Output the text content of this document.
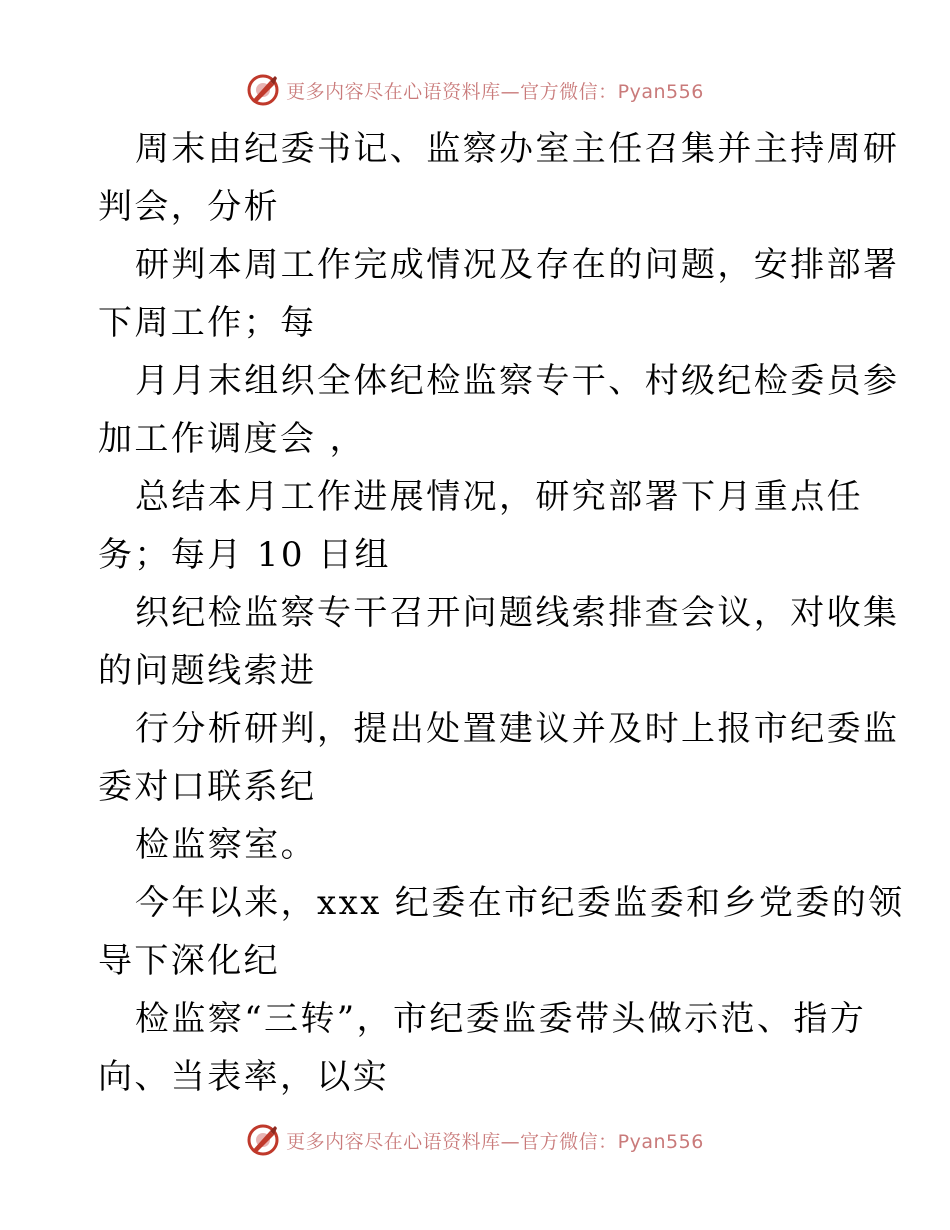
更多内容尽在心语资料库—官方微信：Pyan556
周末由纪委书记、监察办室主任召集并主持周研
判会，分析
研判本周工作完成情况及存在的问题，安排部署
下周工作；每
月月末组织全体纪检监察专干、村级纪检委员参
加工作调度会 ，
总结本月工作进展情况，研究部署下月重点任
务；每月 10 日组
织纪检监察专干召开问题线索排查会议，对收集
的问题线索进
行分析研判，提出处置建议并及时上报市纪委监
委对口联系纪
检监察室。
今年以来，xxx 纪委在市纪委监委和乡党委的领
导下深化纪
检监察“三转”，市纪委监委带头做示范、指方
向、当表率，以实
更多内容尽在心语资料库—官方微信：Pyan556
